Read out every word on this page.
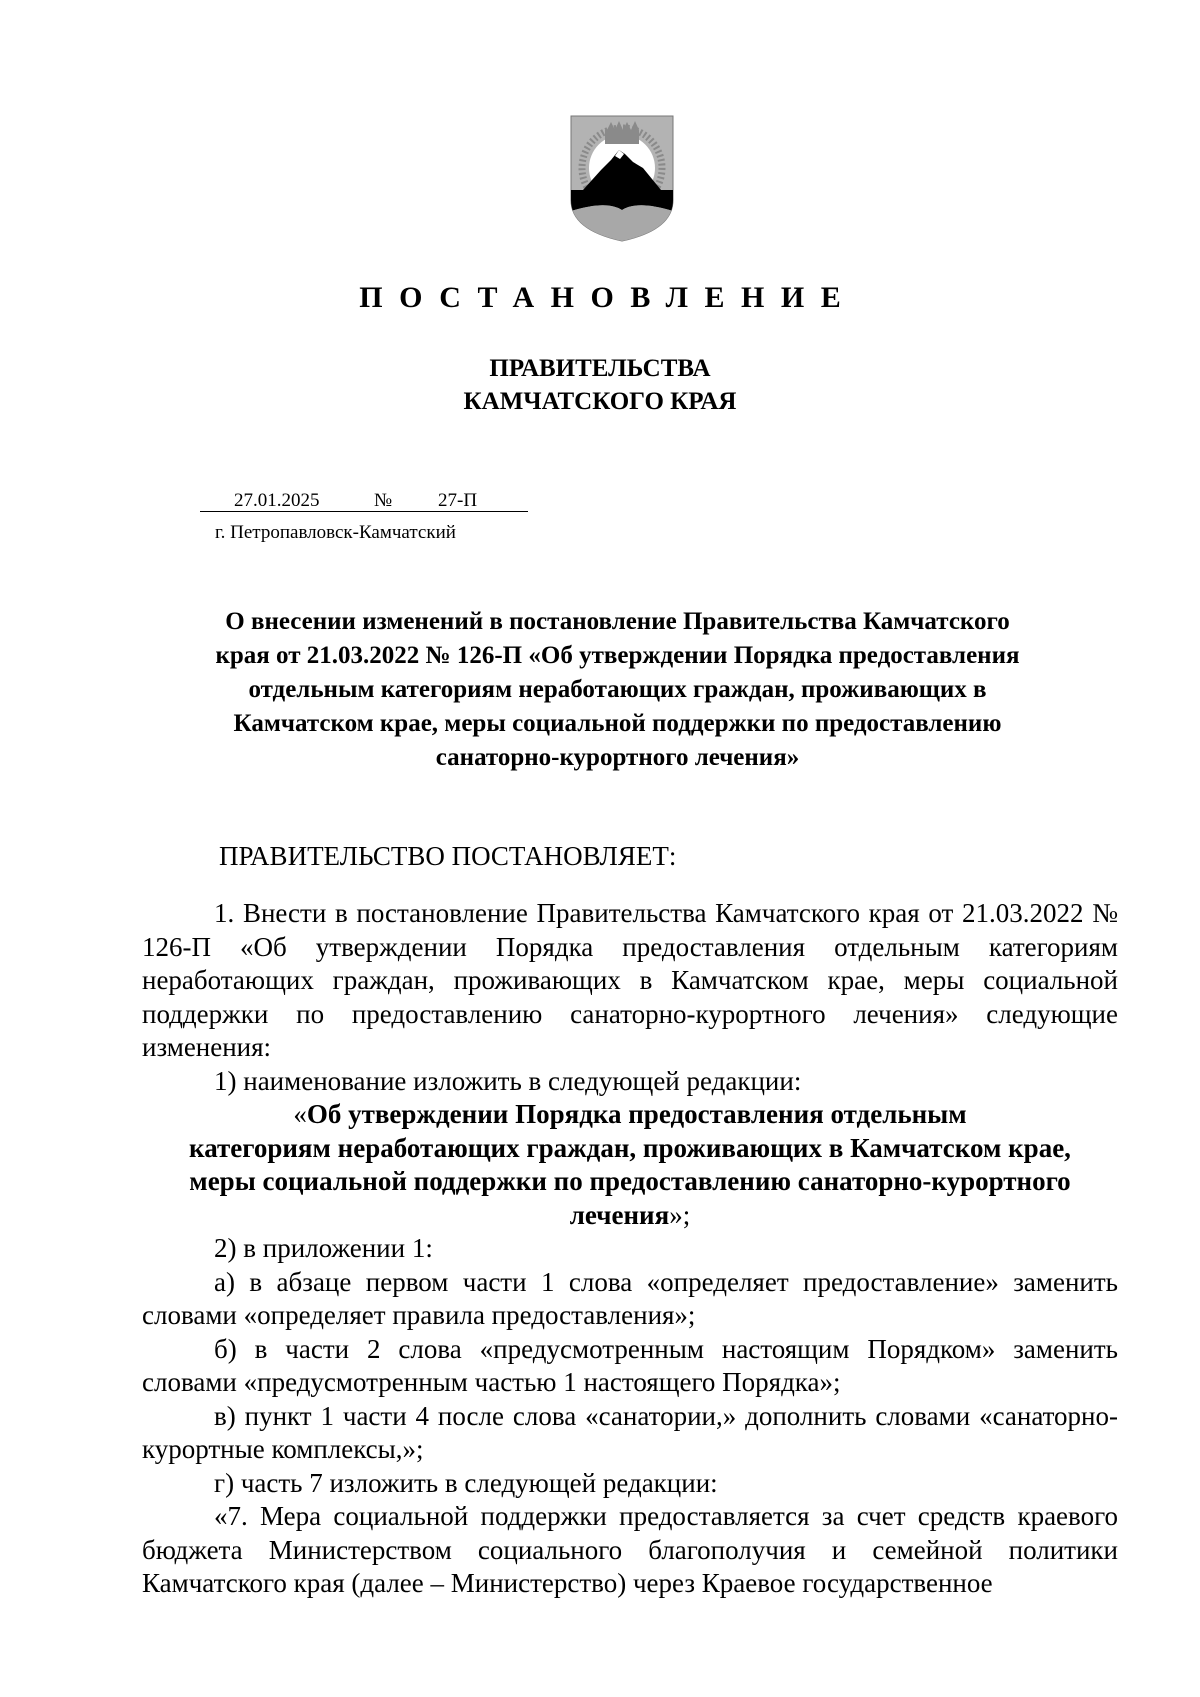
ПОСТАНОВЛЕНИЕ
ПРАВИТЕЛЬСТВА
КАМЧАТСКОГО КРАЯ
27.01.2025	№ 27-П
г. Петропавловск-Камчатский
О внесении изменений в постановление Правительства Камчатского
края от 21.03.2022 № 126-П «Об утверждении Порядка предоставления
отдельным категориям неработающих граждан, проживающих в
Камчатском крае, меры социальной поддержки по предоставлению
санаторно-курортного лечения»
ПРАВИТЕЛЬСТВО ПОСТАНОВЛЯЕТ:

1. Внести в постановление Правительства Камчатского края от 21.03.2022 № 126-П «Об утверждении Порядка предоставления отдельным категориям неработающих граждан, проживающих в Камчатском крае, меры социальной поддержки по предоставлению санаторно-курортного лечения» следующие изменения:

1) наименование изложить в следующей редакции:

«Об утверждении Порядка предоставления отдельным
категориям неработающих граждан, проживающих в Камчатском крае,
меры социальной поддержки по предоставлению санаторно-курортного
лечения»;

2) в приложении 1:

а) в абзаце первом части 1 слова «определяет предоставление» заменить словами «определяет правила предоставления»;

б) в части 2 слова «предусмотренным настоящим Порядком» заменить словами «предусмотренным частью 1 настоящего Порядка»;

в) пункт 1 части 4 после слова «санатории,» дополнить словами «санаторно-курортные комплексы,»;

г) часть 7 изложить в следующей редакции:

«7. Мера социальной поддержки предоставляется за счет средств краевого бюджета Министерством социального благополучия и семейной политики Камчатского края (далее – Министерство) через Краевое государственное
